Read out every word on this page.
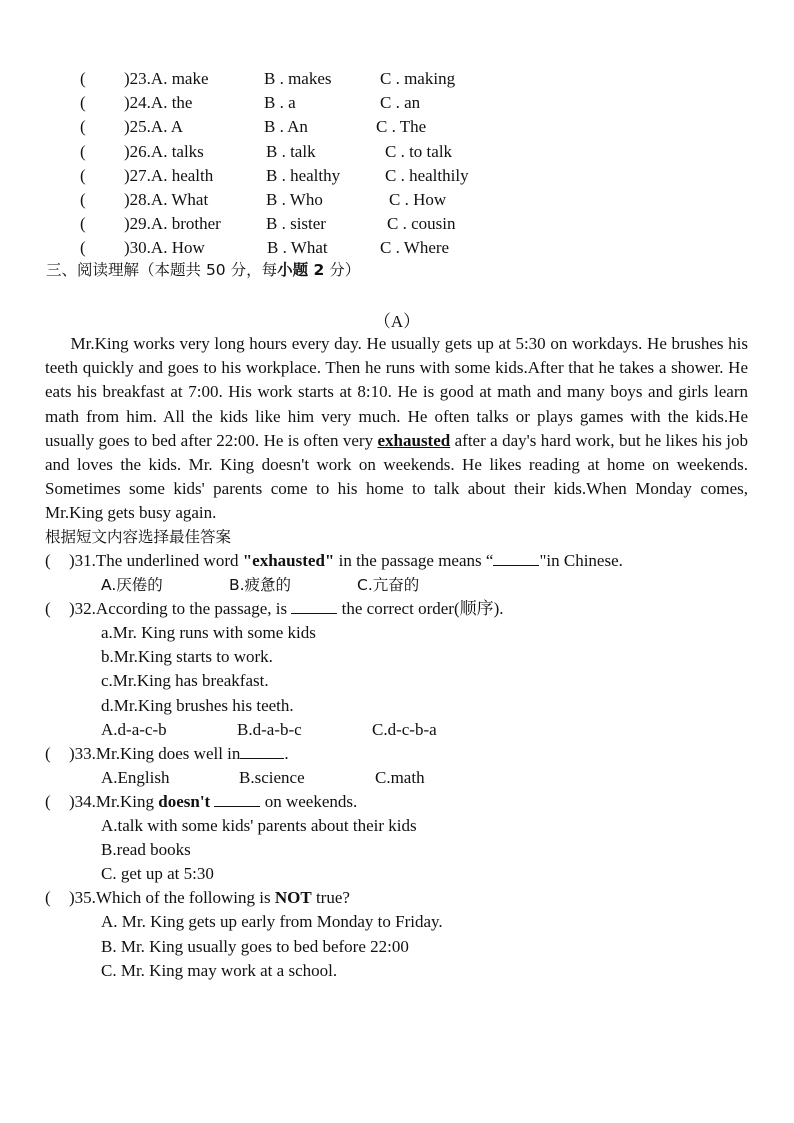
( )23.A. make	B . makes	C . making
( )24.A. the	B . a	C . an
( )25.A. A	B . An	C . The
( )26.A. talks	B . talk	C . to talk
( )27.A. health	B . healthy	C . healthily
( )28.A. What	B . Who	C . How
( )29.A. brother	B . sister	C . cousin
( )30.A. How	B . What	C . Where
三、阅读理解（本题共 50 分，每小题 2 分）
（A）

  Mr.King works very long hours every day. He usually gets up at 5:30 on workdays. He brushes his teeth quickly and goes to his workplace. Then he runs with some kids.After that he takes a shower. He eats his breakfast at 7:00. His work starts at 8:10. He is good at math and many boys and girls learn math from him. All the kids like him very much. He often talks or plays games with the kids.He usually goes to bed after 22:00. He is often very exhausted after a day's hard work, but he likes his job and loves the kids. Mr. King doesn't work on weekends. He likes reading at home on weekends. Sometimes some kids' parents come to his home to talk about their kids.When Monday comes, Mr.King gets busy again.

根据短文内容选择最佳答案
( )31.The underlined word "exhausted" in the passage means “	"in Chinese.
A.厌倦的	B.疲惫的	C.亢奋的
( )32.According to the passage, is	the correct order(顺序).
a.Mr. King runs with some kids
b.Mr.King starts to work.
c.Mr.King has breakfast.
d.Mr.King brushes his teeth.
A.d-a-c-b	B.d-a-b-c	C.d-c-b-a
( )33.Mr.King does well in	.
A.English	B.science	C.math
( )34.Mr.King doesn't	on weekends.
A.talk with some kids' parents about their kids
B.read books
C. get up at 5:30
( )35.Which of the following is NOT true?
A. Mr. King gets up early from Monday to Friday.
B. Mr. King usually goes to bed before 22:00
C. Mr. King may work at a school.
